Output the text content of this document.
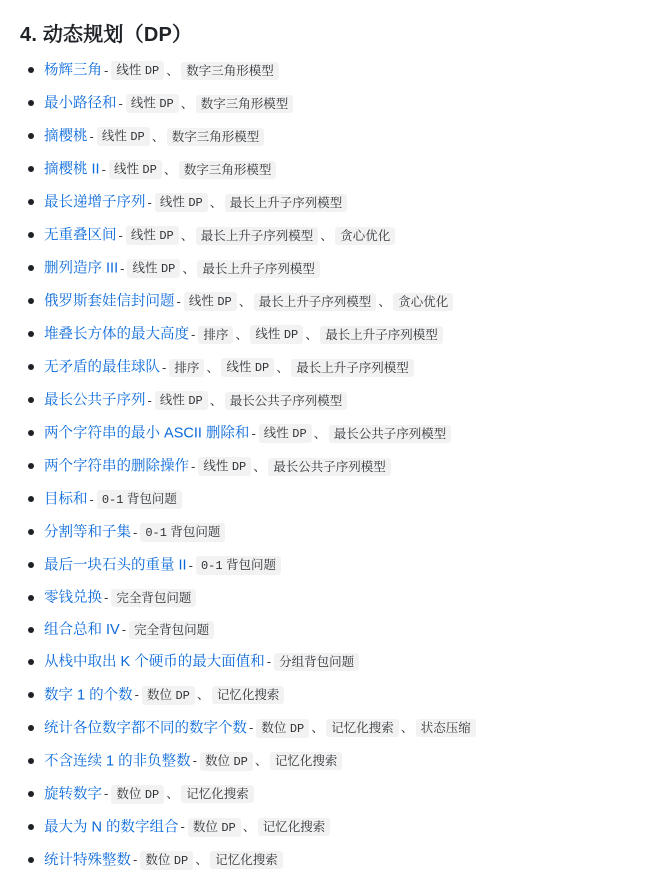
4. 动态规划（DP）
杨辉三角 - 线性 DP 、 数字三角形模型
最小路径和 - 线性 DP 、 数字三角形模型
摘樱桃 - 线性 DP 、 数字三角形模型
摘樱桃 II - 线性 DP 、 数字三角形模型
最长递增子序列 - 线性 DP 、 最长上升子序列模型
无重叠区间 - 线性 DP 、 最长上升子序列模型 、 贪心优化
删列造序 III - 线性 DP 、 最长上升子序列模型
俄罗斯套娃信封问题 - 线性 DP 、 最长上升子序列模型 、 贪心优化
堆叠长方体的最大高度 - 排序 、 线性 DP 、 最长上升子序列模型
无矛盾的最佳球队 - 排序 、 线性 DP 、 最长上升子序列模型
最长公共子序列 - 线性 DP 、 最长公共子序列模型
两个字符串的最小 ASCII 删除和 - 线性 DP 、 最长公共子序列模型
两个字符串的删除操作 - 线性 DP 、 最长公共子序列模型
目标和 - 0-1 背包问题
分割等和子集 - 0-1 背包问题
最后一块石头的重量 II - 0-1 背包问题
零钱兑换 - 完全背包问题
组合总和 IV - 完全背包问题
从栈中取出 K 个硬币的最大面值和 - 分组背包问题
数字 1 的个数 - 数位 DP 、 记忆化搜索
统计各位数字都不同的数字个数 - 数位 DP 、 记忆化搜索 、 状态压缩
不含连续 1 的非负整数 - 数位 DP 、 记忆化搜索
旋转数字 - 数位 DP 、 记忆化搜索
最大为 N 的数字组合 - 数位 DP 、 记忆化搜索
统计特殊整数 - 数位 DP 、 记忆化搜索
